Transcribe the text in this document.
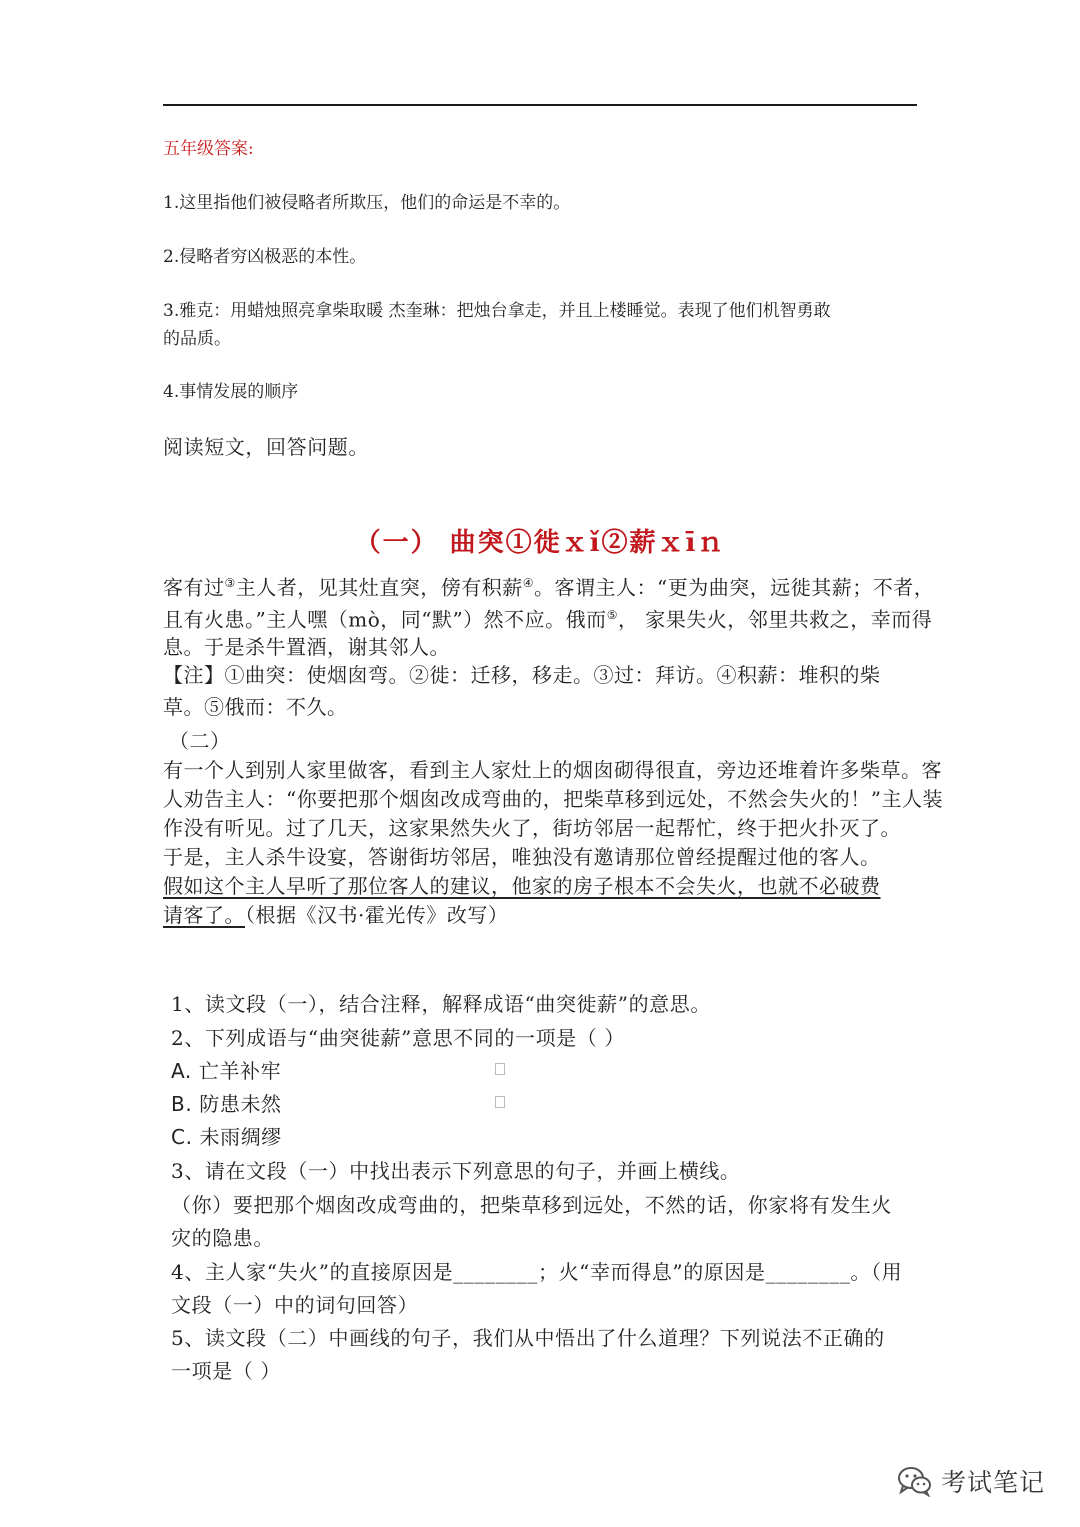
五年级答案:
1.这里指他们被侵略者所欺压，他们的命运是不幸的。
2.侵略者穷凶极恶的本性。
3.雅克：用蜡烛照亮拿柴取暖 杰奎琳：把烛台拿走，并且上楼睡觉。表现了他们机智勇敢
的品质。
4.事情发展的顺序
阅读短文，回答问题。
（一） 曲突①徙ｘǐ②薪ｘīｎ
客有过③主人者，见其灶直突，傍有积薪④。客谓主人：“更为曲突，远徙其薪；不者，
且有火患。”主人嘿（mò，同“默”）然不应。俄而⑤， 家果失火，邻里共救之，幸而得
息。于是杀牛置酒，谢其邻人。
【注】①曲突：使烟囱弯。②徙：迁移，移走。③过：拜访。④积薪：堆积的柴
草。⑤俄而：不久。
（二）
有一个人到别人家里做客，看到主人家灶上的烟囱砌得很直，旁边还堆着许多柴草。客
人劝告主人：“你要把那个烟囱改成弯曲的，把柴草移到远处，不然会失火的！”主人装
作没有听见。过了几天，这家果然失火了，街坊邻居一起帮忙，终于把火扑灭了。
于是，主人杀牛设宴，答谢街坊邻居，唯独没有邀请那位曾经提醒过他的客人。
假如这个主人早听了那位客人的建议，他家的房子根本不会失火，也就不必破费
请客了。（根据《汉书·霍光传》改写）
1、读文段（一），结合注释，解释成语“曲突徙薪”的意思。
2、下列成语与“曲突徙薪”意思不同的一项是（ ）
A. 亡羊补牢
B. 防患未然
C. 未雨绸缪
3、请在文段（一）中找出表示下列意思的句子，并画上横线。
（你）要把那个烟囱改成弯曲的，把柴草移到远处，不然的话，你家将有发生火
灾的隐患。
4、主人家“失火”的直接原因是________；火“幸而得息”的原因是________。（用
文段（一）中的词句回答）
5、读文段（二）中画线的句子，我们从中悟出了什么道理？下列说法不正确的
一项是（ ）
考试笔记
